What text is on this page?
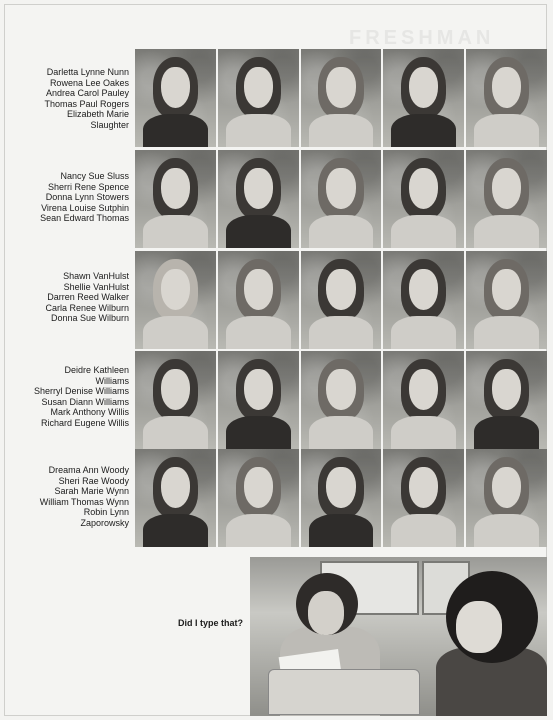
FRESHMAN
Darletta Lynne Nunn
Rowena Lee Oakes
Andrea Carol Pauley
Thomas Paul Rogers
Elizabeth Marie
Slaughter
Nancy Sue Sluss
Sherri Rene Spence
Donna Lynn Stowers
Virena Louise Sutphin
Sean Edward Thomas
Shawn VanHulst
Shellie VanHulst
Darren Reed Walker
Carla Renee Wilburn
Donna Sue Wilburn
Deidre Kathleen
Williams
Sherryl Denise Williams
Susan Diann Williams
Mark Anthony Willis
Richard Eugene Willis
Dreama Ann Woody
Sheri Rae Woody
Sarah Marie Wynn
William Thomas Wynn
Robin Lynn
Zaporowsky
Did I type that?
